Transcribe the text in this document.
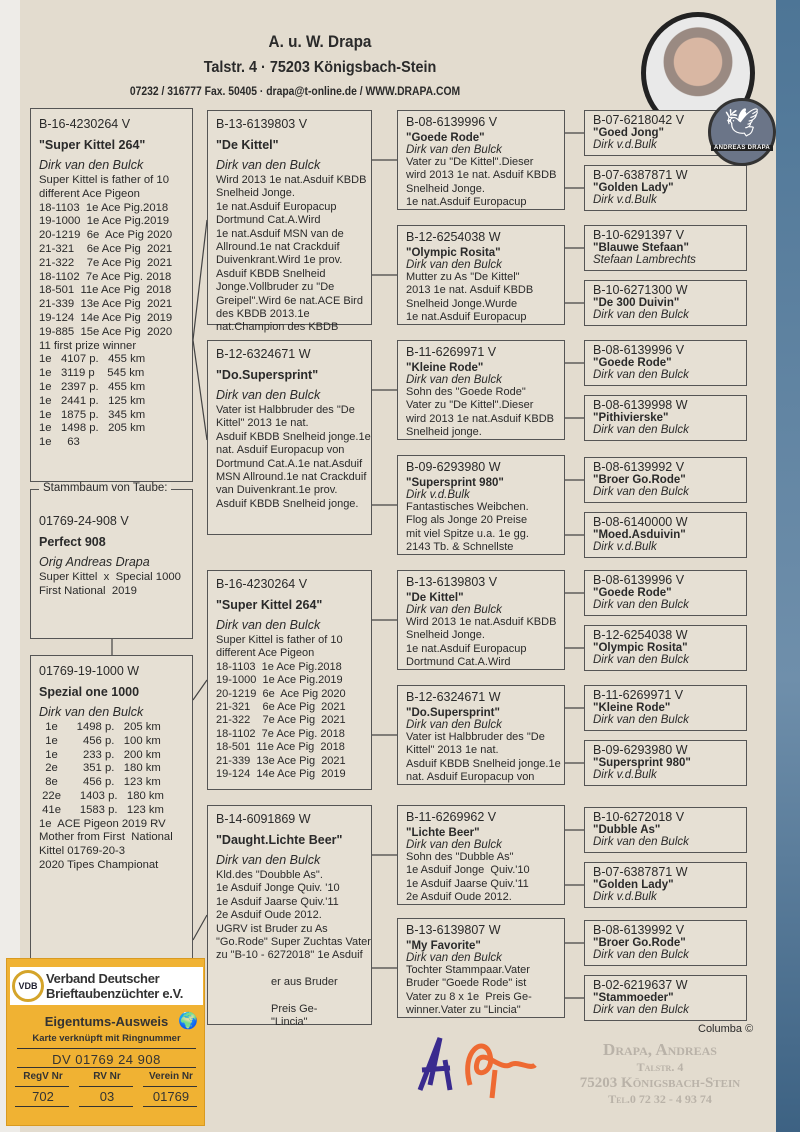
A. u. W. Drapa
Talstr. 4 · 75203 Königsbach-Stein
07232 / 316777 Fax. 50405 · drapa@t-online.de / WWW.DRAPA.COM
🕊
ANDREAS DRAPA
B-16-4230264 V
"Super Kittel 264"
Dirk van den Bulck
Super Kittel is father of 10
different Ace Pigeon
18-1103  1e Ace Pig.2018
19-1000  1e Ace Pig.2019
20-1219  6e  Ace Pig 2020
21-321    6e Ace Pig  2021
21-322    7e Ace Pig  2021
18-1102  7e Ace Pig. 2018
18-501  11e Ace Pig  2018
21-339  13e Ace Pig  2021
19-124  14e Ace Pig  2019
19-885  15e Ace Pig  2020
11 first prize winner
1e   4107 p.   455 km
1e   3119 p    545 km
1e   2397 p.   455 km
1e   2441 p.   125 km
1e   1875 p.   345 km
1e   1498 p.   205 km
1e     63
Stammbaum von Taube:
01769-24-908 V
Perfect 908
Orig Andreas Drapa
Super Kittel  x  Special 1000
First National  2019
01769-19-1000 W
Spezial one 1000
Dirk van den Bulck
1e      1498 p.   205 km
1e        456 p.   100 km
1e        233 p.   200 km
2e        351 p.   180 km
8e        456 p.   123 km
22e      1403 p.   180 km
41e      1583 p.   123 km
1e  ACE Pigeon 2019 RV
Mother from First  National
Kittel 01769-20-3
2020 Tipes Championat
B-13-6139803 V
"De Kittel"
Dirk van den Bulck
Wird 2013 1e nat.Asduif KBDB
Snelheid Jonge.
1e nat.Asduif Europacup
Dortmund Cat.A.Wird
1e nat.Asduif MSN van de
Allround.1e nat Crackduif
Duivenkrant.Wird 1e prov.
Asduif KBDB Snelheid
Jonge.Vollbruder zu "De
Greipel".Wird 6e nat.ACE Bird
des KBDB 2013.1e
nat.Champion des KBDB
B-12-6324671 W
"Do.Supersprint"
Dirk van den Bulck
Vater ist Halbbruder des "De
Kittel" 2013 1e nat.
Asduif KBDB Snelheid jonge.1e
nat. Asduif Europacup von
Dortmund Cat.A.1e nat.Asduif
MSN Allround.1e nat Crackduif
van Duivenkrant.1e prov.
Asduif KBDB Snelheid jonge.
B-16-4230264 V
"Super Kittel 264"
Dirk van den Bulck
Super Kittel is father of 10
different Ace Pigeon
18-1103  1e Ace Pig.2018
19-1000  1e Ace Pig.2019
20-1219  6e  Ace Pig 2020
21-321    6e Ace Pig  2021
21-322    7e Ace Pig  2021
18-1102  7e Ace Pig. 2018
18-501  11e Ace Pig  2018
21-339  13e Ace Pig  2021
19-124  14e Ace Pig  2019
B-14-6091869 W
"Daught.Lichte Beer"
Dirk van den Bulck
Kld.des "Doubble As".
1e Asduif Jonge Quiv. '10
1e Asduif Jaarse Quiv.'11
2e Asduif Oude 2012.
UGRV ist Bruder zu As
"Go.Rode" Super Zuchtas Vater
zu "B-10 - 6272018" 1e Asduif

er aus Bruder

Preis Ge-
"Lincia"
B-08-6139996 V
"Goede Rode"
Dirk van den Bulck
Vater zu "De Kittel".Dieser
wird 2013 1e nat. Asduif KBDB
Snelheid Jonge.
1e nat.Asduif Europacup
B-12-6254038 W
"Olympic Rosita"
Dirk van den Bulck
Mutter zu As "De Kittel"
2013 1e nat. Asduif KBDB
Snelheid Jonge.Wurde
1e nat.Asduif Europacup
B-11-6269971 V
"Kleine Rode"
Dirk van den Bulck
Sohn des "Goede Rode"
Vater zu "De Kittel".Dieser
wird 2013 1e nat.Asduif KBDB
Snelheid jonge.
B-09-6293980 W
"Supersprint 980"
Dirk v.d.Bulk
Fantastisches Weibchen.
Flog als Jonge 20 Preise
mit viel Spitze u.a. 1e gg.
2143 Tb. & Schnellste
B-13-6139803 V
"De Kittel"
Dirk van den Bulck
Wird 2013 1e nat.Asduif KBDB
Snelheid Jonge.
1e nat.Asduif Europacup
Dortmund Cat.A.Wird
B-12-6324671 W
"Do.Supersprint"
Dirk van den Bulck
Vater ist Halbbruder des "De
Kittel" 2013 1e nat.
Asduif KBDB Snelheid jonge.1e
nat. Asduif Europacup von
B-11-6269962 V
"Lichte Beer"
Dirk van den Bulck
Sohn des "Dubble As"
1e Asduif Jonge  Quiv.'10
1e Asduif Jaarse Quiv.'11
2e Asduif Oude 2012.
B-13-6139807 W
"My Favorite"
Dirk van den Bulck
Tochter Stammpaar.Vater
Bruder "Goede Rode" ist
Vater zu 8 x 1e  Preis Ge-
winner.Vater zu "Lincia"
B-07-6218042 V
"Goed Jong"
Dirk v.d.Bulk
B-07-6387871 W
"Golden Lady"
Dirk v.d.Bulk
B-10-6291397 V
"Blauwe Stefaan"
Stefaan Lambrechts
B-10-6271300 W
"De 300 Duivin"
Dirk van den Bulck
B-08-6139996 V
"Goede Rode"
Dirk van den Bulck
B-08-6139998 W
"Pithivierske"
Dirk van den Bulck
B-08-6139992 V
"Broer Go.Rode"
Dirk van den Bulck
B-08-6140000 W
"Moed.Asduivin"
Dirk v.d.Bulk
B-08-6139996 V
"Goede Rode"
Dirk van den Bulck
B-12-6254038 W
"Olympic Rosita"
Dirk van den Bulck
B-11-6269971 V
"Kleine Rode"
Dirk van den Bulck
B-09-6293980 W
"Supersprint 980"
Dirk v.d.Bulk
B-10-6272018 V
"Dubble As"
Dirk van den Bulck
B-07-6387871 W
"Golden Lady"
Dirk v.d.Bulk
B-08-6139992 V
"Broer Go.Rode"
Dirk van den Bulck
B-02-6219637 W
"Stammoeder"
Dirk van den Bulck
VDB Verband Deutscher
Brieftaubenzüchter e.V.
🌍
Eigentums-Ausweis
Karte verknüpft mit Ringnummer
DV 01769 24 908
RegV Nr
702
RV Nr
03
Verein Nr
01769
Drapa, Andreas
Talstr. 4
75203 Königsbach-Stein
Tel.0 72 32 - 4 93 74
Columba ©
